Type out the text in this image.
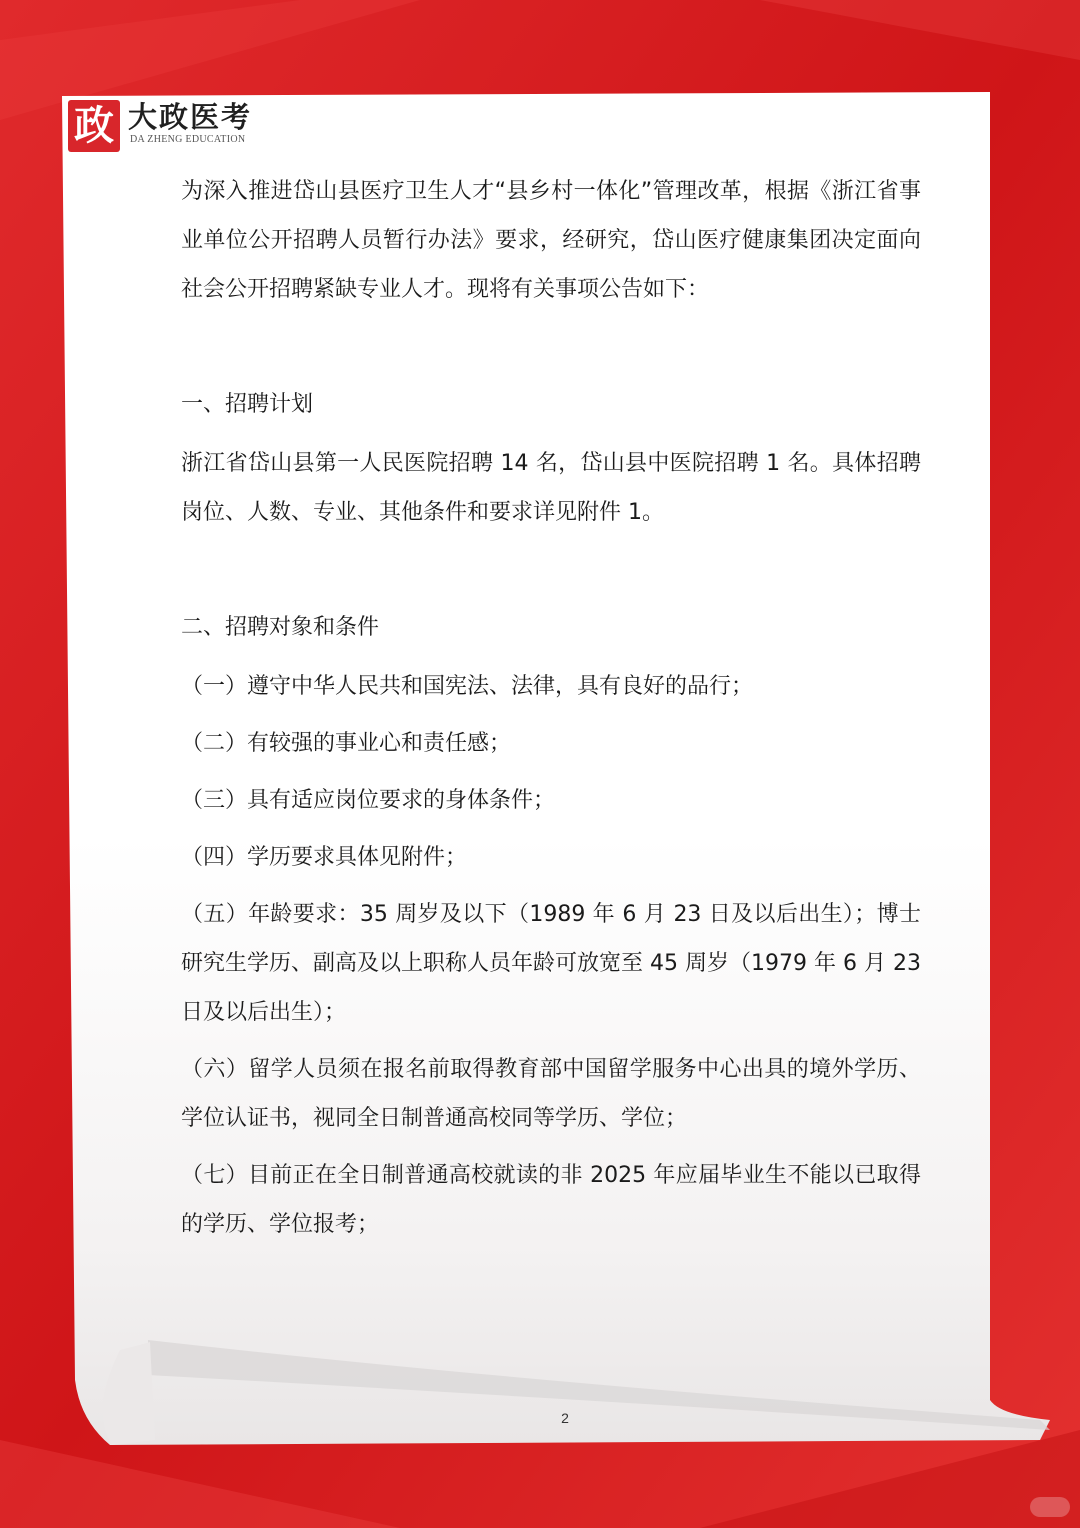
政 大政医考
DA ZHENG EDUCATION

为深入推进岱山县医疗卫生人才“县乡村一体化”管理改革，根据《浙江省事业单位公开招聘人员暂行办法》要求，经研究，岱山医疗健康集团决定面向社会公开招聘紧缺专业人才。现将有关事项公告如下：

一、招聘计划

浙江省岱山县第一人民医院招聘 14 名，岱山县中医院招聘 1 名。具体招聘岗位、人数、专业、其他条件和要求详见附件 1。

二、招聘对象和条件

（一）遵守中华人民共和国宪法、法律，具有良好的品行；

（二）有较强的事业心和责任感；

（三）具有适应岗位要求的身体条件；

（四）学历要求具体见附件；

（五）年龄要求：35 周岁及以下（1989 年 6 月 23 日及以后出生）；博士研究生学历、副高及以上职称人员年龄可放宽至 45 周岁（1979 年 6 月 23 日及以后出生）；

（六）留学人员须在报名前取得教育部中国留学服务中心出具的境外学历、学位认证书，视同全日制普通高校同等学历、学位；

（七）目前正在全日制普通高校就读的非 2025 年应届毕业生不能以已取得的学历、学位报考；

2
